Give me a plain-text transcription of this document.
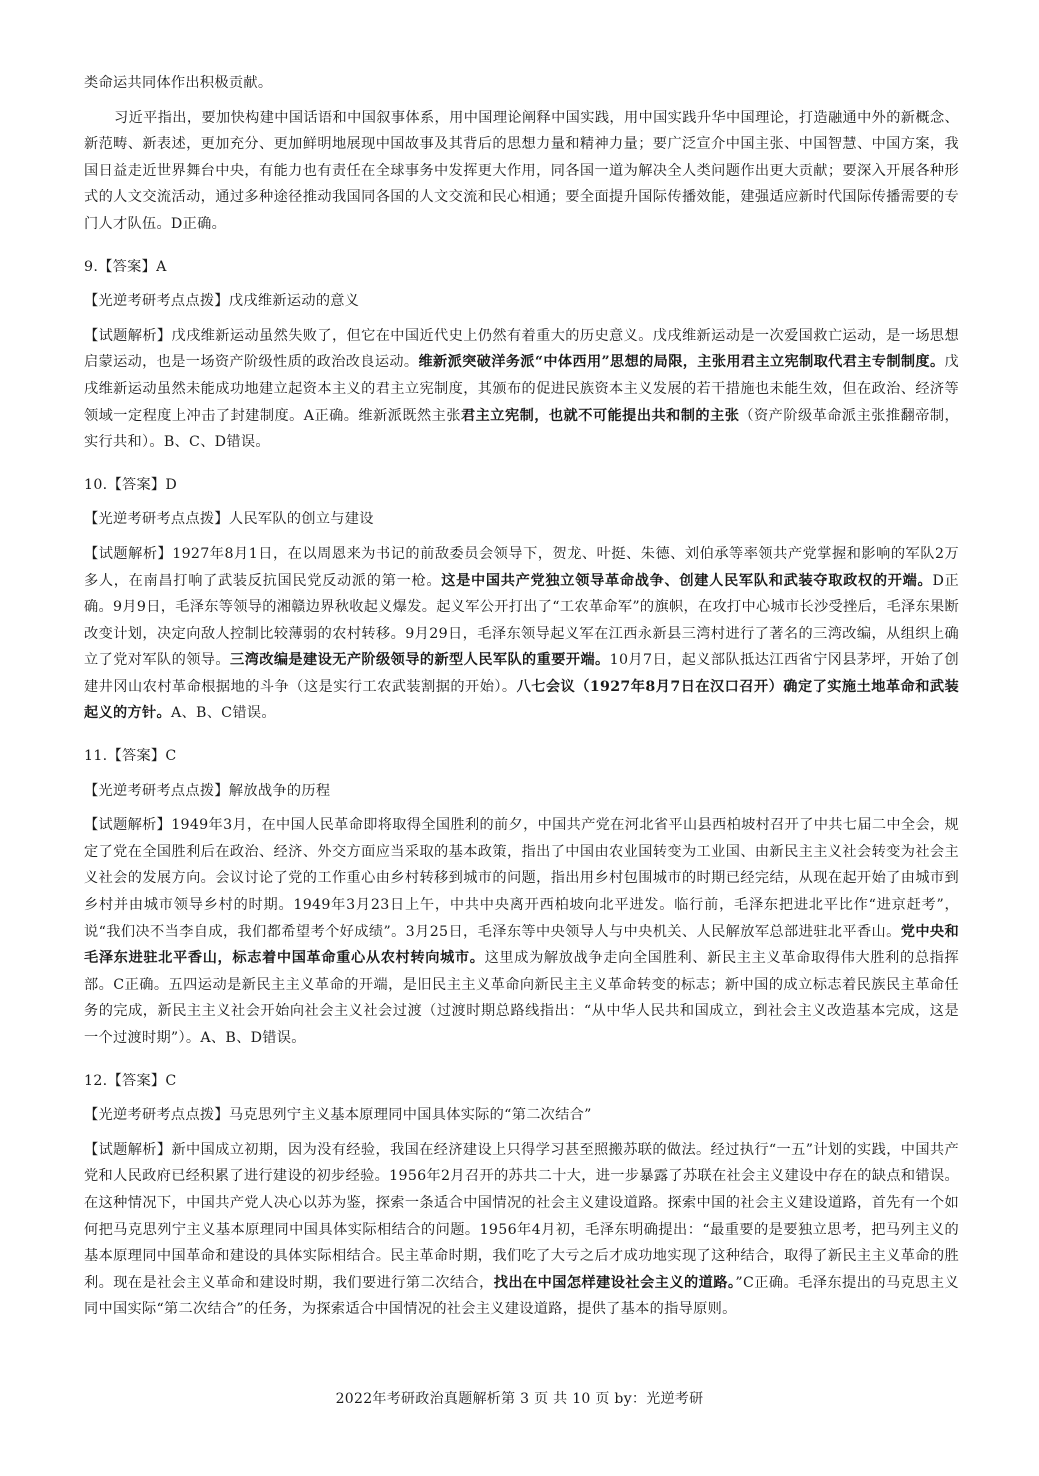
类命运共同体作出积极贡献。

习近平指出，要加快构建中国话语和中国叙事体系，用中国理论阐释中国实践，用中国实践升华中国理论，打造融通中外的新概念、新范畴、新表述，更加充分、更加鲜明地展现中国故事及其背后的思想力量和精神力量；要广泛宣介中国主张、中国智慧、中国方案，我国日益走近世界舞台中央，有能力也有责任在全球事务中发挥更大作用，同各国一道为解决全人类问题作出更大贡献；要深入开展各种形式的人文交流活动，通过多种途径推动我国同各国的人文交流和民心相通；要全面提升国际传播效能，建强适应新时代国际传播需要的专门人才队伍。D正确。

9.【答案】A

【光逆考研考点点拨】戊戌维新运动的意义

【试题解析】戊戌维新运动虽然失败了，但它在中国近代史上仍然有着重大的历史意义。戊戌维新运动是一次爱国救亡运动，是一场思想启蒙运动，也是一场资产阶级性质的政治改良运动。维新派突破洋务派“中体西用”思想的局限，主张用君主立宪制取代君主专制制度。戊戌维新运动虽然未能成功地建立起资本主义的君主立宪制度，其颁布的促进民族资本主义发展的若干措施也未能生效，但在政治、经济等领域一定程度上冲击了封建制度。A正确。维新派既然主张君主立宪制，也就不可能提出共和制的主张（资产阶级革命派主张推翻帝制，实行共和）。B、C、D错误。

10.【答案】D

【光逆考研考点点拨】人民军队的创立与建设

【试题解析】1927年8月1日，在以周恩来为书记的前敌委员会领导下，贺龙、叶挺、朱德、刘伯承等率领共产党掌握和影响的军队2万多人，在南昌打响了武装反抗国民党反动派的第一枪。这是中国共产党独立领导革命战争、创建人民军队和武装夺取政权的开端。D正确。9月9日，毛泽东等领导的湘赣边界秋收起义爆发。起义军公开打出了“工农革命军”的旗帜，在攻打中心城市长沙受挫后，毛泽东果断改变计划，决定向敌人控制比较薄弱的农村转移。9月29日，毛泽东领导起义军在江西永新县三湾村进行了著名的三湾改编，从组织上确立了党对军队的领导。三湾改编是建设无产阶级领导的新型人民军队的重要开端。10月7日，起义部队抵达江西省宁冈县茅坪，开始了创建井冈山农村革命根据地的斗争（这是实行工农武装割据的开始）。八七会议（1927年8月7日在汉口召开）确定了实施土地革命和武装起义的方针。A、B、C错误。

11.【答案】C

【光逆考研考点点拨】解放战争的历程

【试题解析】1949年3月，在中国人民革命即将取得全国胜利的前夕，中国共产党在河北省平山县西柏坡村召开了中共七届二中全会，规定了党在全国胜利后在政治、经济、外交方面应当采取的基本政策，指出了中国由农业国转变为工业国、由新民主主义社会转变为社会主义社会的发展方向。会议讨论了党的工作重心由乡村转移到城市的问题，指出用乡村包围城市的时期已经完结，从现在起开始了由城市到乡村并由城市领导乡村的时期。1949年3月23日上午，中共中央离开西柏坡向北平进发。临行前，毛泽东把进北平比作“进京赶考”，说“我们决不当李自成，我们都希望考个好成绩”。3月25日，毛泽东等中央领导人与中央机关、人民解放军总部进驻北平香山。党中央和毛泽东进驻北平香山，标志着中国革命重心从农村转向城市。这里成为解放战争走向全国胜利、新民主主义革命取得伟大胜利的总指挥部。C正确。五四运动是新民主主义革命的开端，是旧民主主义革命向新民主主义革命转变的标志；新中国的成立标志着民族民主革命任务的完成，新民主主义社会开始向社会主义社会过渡（过渡时期总路线指出：“从中华人民共和国成立，到社会主义改造基本完成，这是一个过渡时期”）。A、B、D错误。

12.【答案】C

【光逆考研考点点拨】马克思列宁主义基本原理同中国具体实际的“第二次结合”

【试题解析】新中国成立初期，因为没有经验，我国在经济建设上只得学习甚至照搬苏联的做法。经过执行“一五”计划的实践，中国共产党和人民政府已经积累了进行建设的初步经验。1956年2月召开的苏共二十大，进一步暴露了苏联在社会主义建设中存在的缺点和错误。在这种情况下，中国共产党人决心以苏为鉴，探索一条适合中国情况的社会主义建设道路。探索中国的社会主义建设道路，首先有一个如何把马克思列宁主义基本原理同中国具体实际相结合的问题。1956年4月初，毛泽东明确提出：“最重要的是要独立思考，把马列主义的基本原理同中国革命和建设的具体实际相结合。民主革命时期，我们吃了大亏之后才成功地实现了这种结合，取得了新民主主义革命的胜利。现在是社会主义革命和建设时期，我们要进行第二次结合，找出在中国怎样建设社会主义的道路。”C正确。毛泽东提出的马克思主义同中国实际“第二次结合”的任务，为探索适合中国情况的社会主义建设道路，提供了基本的指导原则。

2022年考研政治真题解析第 3 页 共 10 页 by：光逆考研
